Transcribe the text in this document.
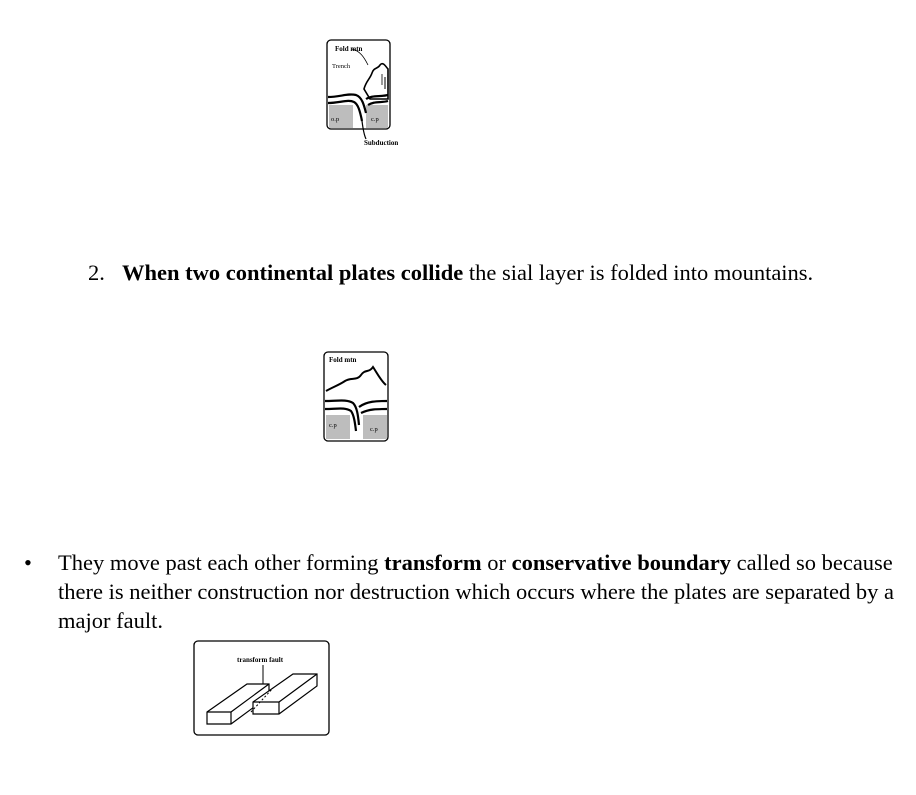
Fold mtn
Trench
o.p	c.p
Subduction
2. When two continental plates collide the sial layer is folded into mountains.
Fold mtn
c.p
c.p
• They move past each other forming transform or conservative boundary called so because there is neither construction nor destruction which occurs where the plates are separated by a major fault.
transform fault
